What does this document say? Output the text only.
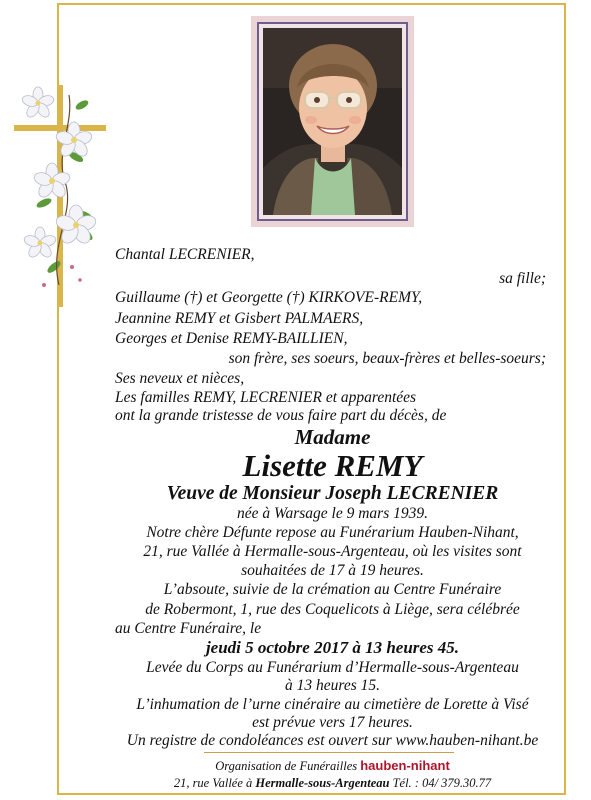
Chantal LECRENIER,
sa fille;
Guillaume (†) et Georgette (†) KIRKOVE-REMY,
Jeannine REMY et Gisbert PALMAERS,
Georges et Denise REMY-BAILLIEN,
son frère, ses soeurs, beaux-frères et belles-soeurs;
Ses neveux et nièces,
Les familles REMY, LECRENIER et apparentées
ont la grande tristesse de vous faire part du décès, de
Madame
Lisette REMY
Veuve de Monsieur Joseph LECRENIER
née à Warsage le 9 mars 1939.
Notre chère Défunte repose au Funérarium Hauben-Nihant,
21, rue Vallée à Hermalle-sous-Argenteau, où les visites sont
souhaitées de 17 à 19 heures.
L’absoute, suivie de la crémation au Centre Funéraire
de Robermont, 1, rue des Coquelicots à Liège, sera célébrée
au Centre Funéraire, le
jeudi 5 octobre 2017 à 13 heures 45.
Levée du Corps au Funérarium d’Hermalle-sous-Argenteau
à 13 heures 15.
L’inhumation de l’urne cinéraire au cimetière de Lorette à Visé
est prévue vers 17 heures.
Un registre de condoléances est ouvert sur www.hauben-nihant.be
Organisation de Funérailles hauben-nihant
21, rue Vallée à Hermalle-sous-Argenteau Tél. : 04/ 379.30.77
